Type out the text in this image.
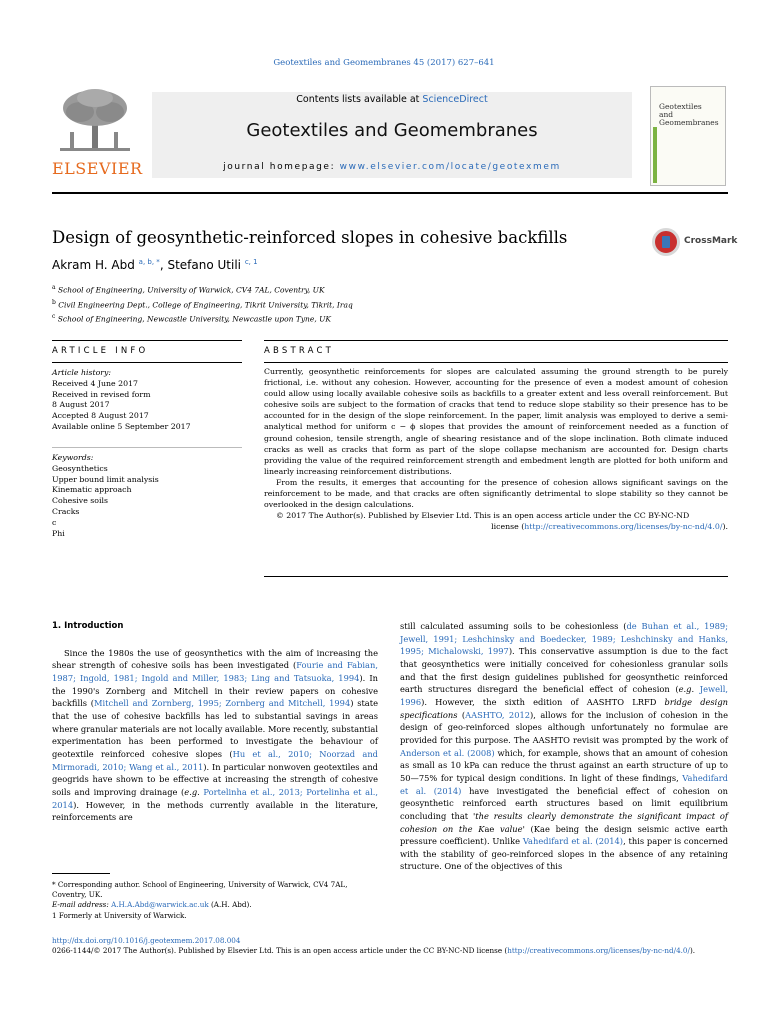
Geotextiles and Geomembranes 45 (2017) 627–641
ELSEVIER
Contents lists available at ScienceDirect
Geotextiles and Geomembranes
journal homepage: www.elsevier.com/locate/geotexmem
Geotextiles
and
Geomembranes
Design of geosynthetic-reinforced slopes in cohesive backfills	CrossMark
Akram H. Abd $^{a, b, *}$, Stefano Utili $^{c, 1}$
$^a$ School of Engineering, University of Warwick, CV4 7AL, Coventry, UK
$^b$ Civil Engineering Dept., College of Engineering, Tikrit University, Tikrit, Iraq
$^c$ School of Engineering, Newcastle University, Newcastle upon Tyne, UK
ARTICLE INFO	ABSTRACT
Article history:
Received 4 June 2017
Received in revised form
8 August 2017
Accepted 8 August 2017
Available online 5 September 2017
Keywords:
Geosynthetics
Upper bound limit analysis
Kinematic approach
Cohesive soils
Cracks
c
Phi

Currently, geosynthetic reinforcements for slopes are calculated assuming the ground strength to be purely frictional, i.e. without any cohesion. However, accounting for the presence of even a modest amount of cohesion could allow using locally available cohesive soils as backfills to a greater extent and less overall reinforcement. But cohesive soils are subject to the formation of cracks that tend to reduce slope stability so their presence has to be accounted for in the design of the slope reinforcement. In the paper, limit analysis was employed to derive a semi-analytical method for uniform c − ϕ slopes that provides the amount of reinforcement needed as a function of ground cohesion, tensile strength, angle of shearing resistance and of the slope inclination. Both climate induced cracks as well as cracks that form as part of the slope collapse mechanism are accounted for. Design charts providing the value of the required reinforcement strength and embedment length are plotted for both uniform and linearly increasing reinforcement distributions.

From the results, it emerges that accounting for the presence of cohesion allows significant savings on the reinforcement to be made, and that cracks are often significantly detrimental to slope stability so they cannot be overlooked in the design calculations.

© 2017 The Author(s). Published by Elsevier Ltd. This is an open access article under the CC BY-NC-ND

license (http://creativecommons.org/licenses/by-nc-nd/4.0/).

1. Introduction

Since the 1980s the use of geosynthetics with the aim of increasing the shear strength of cohesive soils has been investigated (Fourie and Fabian, 1987; Ingold, 1981; Ingold and Miller, 1983; Ling and Tatsuoka, 1994). In the 1990's Zornberg and Mitchell in their review papers on cohesive backfills (Mitchell and Zornberg, 1995; Zornberg and Mitchell, 1994) state that the use of cohesive backfills has led to substantial savings in areas where granular materials are not locally available. More recently, substantial experimentation has been performed to investigate the behaviour of geotextile reinforced cohesive slopes (Hu et al., 2010; Noorzad and Mirmoradi, 2010; Wang et al., 2011). In particular nonwoven geotextiles and geogrids have shown to be effective at increasing the strength of cohesive soils and improving drainage (e.g. Portelinha et al., 2013; Portelinha et al., 2014). However, in the methods currently available in the literature, reinforcements are

still calculated assuming soils to be cohesionless (de Buhan et al., 1989; Jewell, 1991; Leshchinsky and Boedecker, 1989; Leshchinsky and Hanks, 1995; Michalowski, 1997). This conservative assumption is due to the fact that geosynthetics were initially conceived for cohesionless granular soils and that the first design guidelines published for geosynthetic reinforced earth structures disregard the beneficial effect of cohesion (e.g. Jewell, 1996). However, the sixth edition of AASHTO LRFD bridge design specifications (AASHTO, 2012), allows for the inclusion of cohesion in the design of geo-reinforced slopes although unfortunately no formulae are provided for this purpose. The AASHTO revisit was prompted by the work of Anderson et al. (2008) which, for example, shows that an amount of cohesion as small as 10 kPa can reduce the thrust against an earth structure of up to 50—75% for typical design conditions. In light of these findings, Vahedifard et al. (2014) have investigated the beneficial effect of cohesion on geosynthetic reinforced earth structures based on limit equilibrium concluding that 'the results clearly demonstrate the significant impact of cohesion on the Kae value' (Kae being the design seismic active earth pressure coefficient). Unlike Vahedifard et al. (2014), this paper is concerned with the stability of geo-reinforced slopes in the absence of any retaining structure. One of the objectives of this

* Corresponding author. School of Engineering, University of Warwick, CV4 7AL, Coventry, UK.
E-mail address: A.H.A.Abd@warwick.ac.uk (A.H. Abd).
1 Formerly at University of Warwick.
http://dx.doi.org/10.1016/j.geotexmem.2017.08.004
0266-1144/© 2017 The Author(s). Published by Elsevier Ltd. This is an open access article under the CC BY-NC-ND license (http://creativecommons.org/licenses/by-nc-nd/4.0/).
